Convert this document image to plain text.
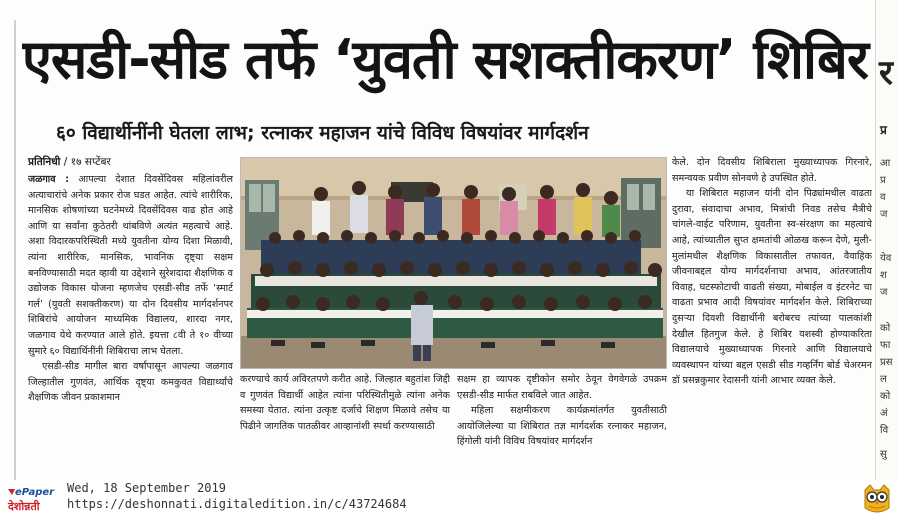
एसडी-सीड तर्फे ‘युवती सशक्तीकरण’ शिबिर
६० विद्यार्थीनींनी घेतला लाभ; रत्नाकर महाजन यांचे विविध विषयांवर मार्गदर्शन
प्रतिनिधी / १७ सप्टेंबर

जळगाव : आपल्या देशात दिवसेंदिवस महिलांवरील अत्याचारांचे अनेक प्रकार रोज घडत आहेत. त्यांचे शारीरिक, मानसिक शोषणांच्या घटनेमध्ये दिवसेंदिवस वाढ होत आहे आणि या सर्वांना कुठेतरी थांबविणे अत्यंत महत्वाचे आहे. अशा विदारकपरिस्थिती मध्ये युवतीना योग्य दिशा मिळावी, त्यांना शारीरिक, मानसिक, भावनिक दृष्ट्या सक्षम बनविण्यासाठी मदत व्हावी या उद्देशाने सुरेशदादा शैक्षणिक व उद्योजक विकास योजना म्हणजेच एसडी-सीड तर्फे ‘स्मार्ट गर्ल’ (युवती सशक्तीकरण) या दोन दिवसीय मार्गदर्शनपर शिबिरांचे आयोजन माध्यमिक विद्यालय, शारदा नगर, जळगाव येथे करण्यात आले होते. इयत्ता ८वी ते १० वीच्या सुमारे ६० विद्यार्थिनींनी शिबिराचा लाभ घेतला.

एसडी-सीड मागील बारा वर्षांपासून आपल्या जळगाव जिल्हातील गुणवंत, आर्थिक दृष्ट्या कमकुवत विद्यार्थ्यांचे शैक्षणिक जीवन प्रकाशमान

करण्याचे कार्य अविरतपणे करीत आहे. जिल्हात बहुतांश जिद्दी व गुणवंत विद्यार्थी आहेत त्यांना परिस्थितीमुळे त्यांना अनेक समस्या येतात. त्यांना उत्कृष्ट दर्जाचे शिक्षण मिळावे तसेच या पिढीने जागतिक पातळीवर आव्हानांशी स्पर्धा करण्यासाठी

सक्षम हा व्यापक दृष्टीकोन समोर ठेवून वेगवेगळे उपक्रम एसडी-सीड मार्फत राबविले जात आहेत.

महिला सक्षमीकरण कार्यक्रमांतर्गत युवतीसाठी आयोजिलेल्या या शिबिरात तज्ञ मार्गदर्शक रत्नाकर महाजन, हिंगोली यांनी विविध विषयांवर मार्गदर्शन

केले. दोन दिवसीय शिबिराला मुख्याध्यापक गिरनारे, समन्वयक प्रवीण सोनवणे हे उपस्थित होते.

या शिबिरात महाजन यांनी दोन पिढ्यांमधील वाढता दुरावा, संवादाचा अभाव, मित्रांची निवड तसेच मैत्रीचे चांगले-वाईट परिणाम, युवतीना स्व-संरक्षण का महत्वाचे आहे, त्यांच्यातील सुप्त क्षमतांची ओळख करून देणे, मुली-मुलांमधील शैक्षणिक विकासातील तफावत, वैवाहिक जीवनाबद्दल योग्य मार्गदर्शनाचा अभाव, आंतरजातीय विवाह, घटस्फोटाची वाढती संख्या, मोबाईल व इंटरनेट चा वाढता प्रभाव आदी विषयांवर मार्गदर्शन केले. शिबिराच्या दुसऱ्या दिवशी विद्यार्थीनी बरोबरच त्यांच्या पालकांशी देखील हितगुज केले. हे शिबिर यशस्वी होण्याकरिता विद्यालयाचे मुख्याध्यापक गिरनारे आणि विद्यालयाचे व्यवस्थापन यांच्या बद्दल एसडी सीड गव्हर्निंग बोर्ड चेअरमन डॉ प्रसन्नकुमार रेदासनी यांनी आभार व्यक्त केले.

र
प्र
आ
प्र
व
ज
येव
श
ज
को
फा
प्रस
ल
को
अं
वि
सु
ePaper
देशोन्नती
Wed, 18 September 2019
https://deshonnati.digitaledition.in/c/43724684
